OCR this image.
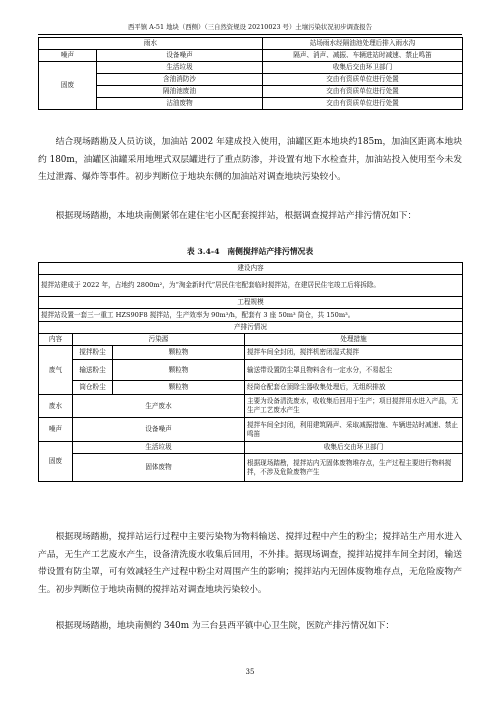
西平镇 A-51 地块（西侧）（三自然资规设 20210023 号）土壤污染状况初步调查报告
雨水		站场雨水经隔油池处理后排入雨水沟
噪声	设备噪声	隔声、消声、减振、车辆进站时减速、禁止鸣笛
固废	生活垃圾	收集后交由环卫部门
	含油消防沙	交由有资质单位进行处置
	隔油池废油	交由有资质单位进行处置
	沾油废物	交由有资质单位进行处置

结合现场踏勘及人员访谈，加油站 2002 年建成投入使用，油罐区距本地块约185m，加油区距离本地块约 180m，油罐区油罐采用地埋式双层罐进行了重点防渗，并设置有地下水检查井，加油站投入使用至今未发生过泄露、爆炸等事件。初步判断位于地块东侧的加油站对调查地块污染较小。

根据现场踏勘，本地块南侧紧邻在建住宅小区配套搅拌站，根据调查搅拌站产排污情况如下：

表 3.4-4　南侧搅拌站产排污情况表
建设内容			
搅拌站建成于 2022 年，占地约 2800m²，为“淘金新时代”居民住宅配套临时搅拌站，在建居民住宅竣工后将拆除。			
工程规模			
搅拌站设置一套三一重工 HZS90F8 搅拌站，生产效率为 90m³/h，配套有 3 座 50m³ 筒仓，共 150m³。			
产排污情况			
内容	污染源		处理措施
废气	搅拌粉尘	颗粒物	搅拌车间全封闭，搅拌机密闭湿式搅拌
	输送粉尘	颗粒物	输送带设置防尘罩且物料含有一定水分，不易起尘
	筒仓粉尘	颗粒物	经筒仓配套仓顶除尘器收集处理后，无组织排放
废水	生产废水		主要为设备清洗废水，收收集后回用于生产；项目搅拌用水进入产品，无生产工艺废水产生
噪声	设备噪声		搅拌车间全封闭，利用建筑隔声、采取减振措施、车辆进站时减速、禁止鸣笛
固废	生活垃圾		收集后交由环卫部门
	固体废物		根据现场踏勘，搅拌站内无固体废物堆存点，生产过程主要进行物料搅拌，不涉及危险废物产生

根据现场踏勘，搅拌站运行过程中主要污染物为物料输送、搅拌过程中产生的粉尘；搅拌站生产用水进入产品，无生产工艺废水产生，设备清洗废水收集后回用，不外排。据现场调查，搅拌站搅拌车间全封闭，输送带设置有防尘罩，可有效减轻生产过程中粉尘对周围产生的影响；搅拌站内无固体废物堆存点，无危险废物产生。初步判断位于地块南侧的搅拌站对调查地块污染较小。

根据现场踏勘，地块南侧约 340m 为三台县西平镇中心卫生院，医院产排污情况如下：

35
